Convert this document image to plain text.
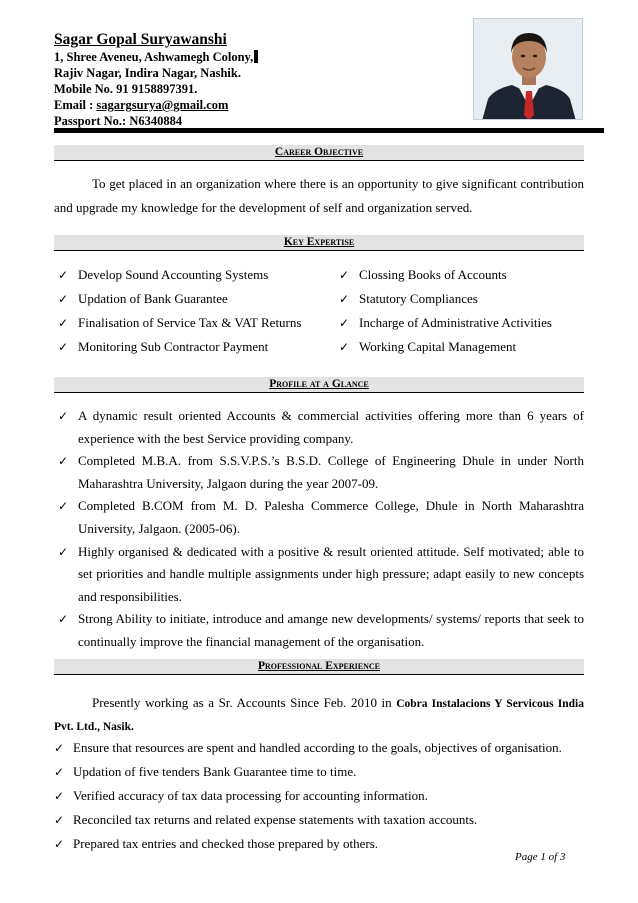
Sagar Gopal Suryawanshi

1, Shree Aveneu, Ashwamegh Colony,

Rajiv Nagar, Indira Nagar, Nashik.

Mobile No. 91 9158897391.

Email : sagargsurya@gmail.com

Passport No.: N6340884

Career Objective

To get placed in an organization where there is an opportunity to give significant contribution and upgrade my knowledge for the development of self and organization served.

Key Expertise
✓ Develop Sound Accounting Systems
✓ Updation of Bank Guarantee
✓ Finalisation of Service Tax & VAT Returns
✓ Monitoring Sub Contractor Payment
✓ Clossing Books of Accounts
✓ Statutory Compliances
✓ Incharge of Administrative Activities
✓ Working Capital Management
Profile at a Glance
✓ A dynamic result oriented Accounts & commercial activities offering more than 6 years of experience with the best Service providing company.
✓ Completed M.B.A. from S.S.V.P.S.’s B.S.D. College of Engineering Dhule in under North Maharashtra University, Jalgaon during the year 2007-09.
✓ Completed B.COM from M. D. Palesha Commerce College, Dhule in North Maharashtra University, Jalgaon. (2005-06).
✓ Highly organised & dedicated with a positive & result oriented attitude. Self motivated; able to set priorities and handle multiple assignments under high pressure; adapt easily to new concepts and responsibilities.
✓ Strong Ability to initiate, introduce and amange new developments/ systems/ reports that seek to continually improve the financial management of the organisation.
Professional Experience

Presently working as a Sr. Accounts Since Feb. 2010 in Cobra Instalacions Y Servicous India Pvt. Ltd., Nasik.

✓ Ensure that resources are spent and handled according to the goals, objectives of organisation.
✓ Updation of five tenders Bank Guarantee time to time.
✓ Verified accuracy of tax data processing for accounting information.
✓ Reconciled tax returns and related expense statements with taxation accounts.
✓ Prepared tax entries and checked those prepared by others.
Page 1 of 3
